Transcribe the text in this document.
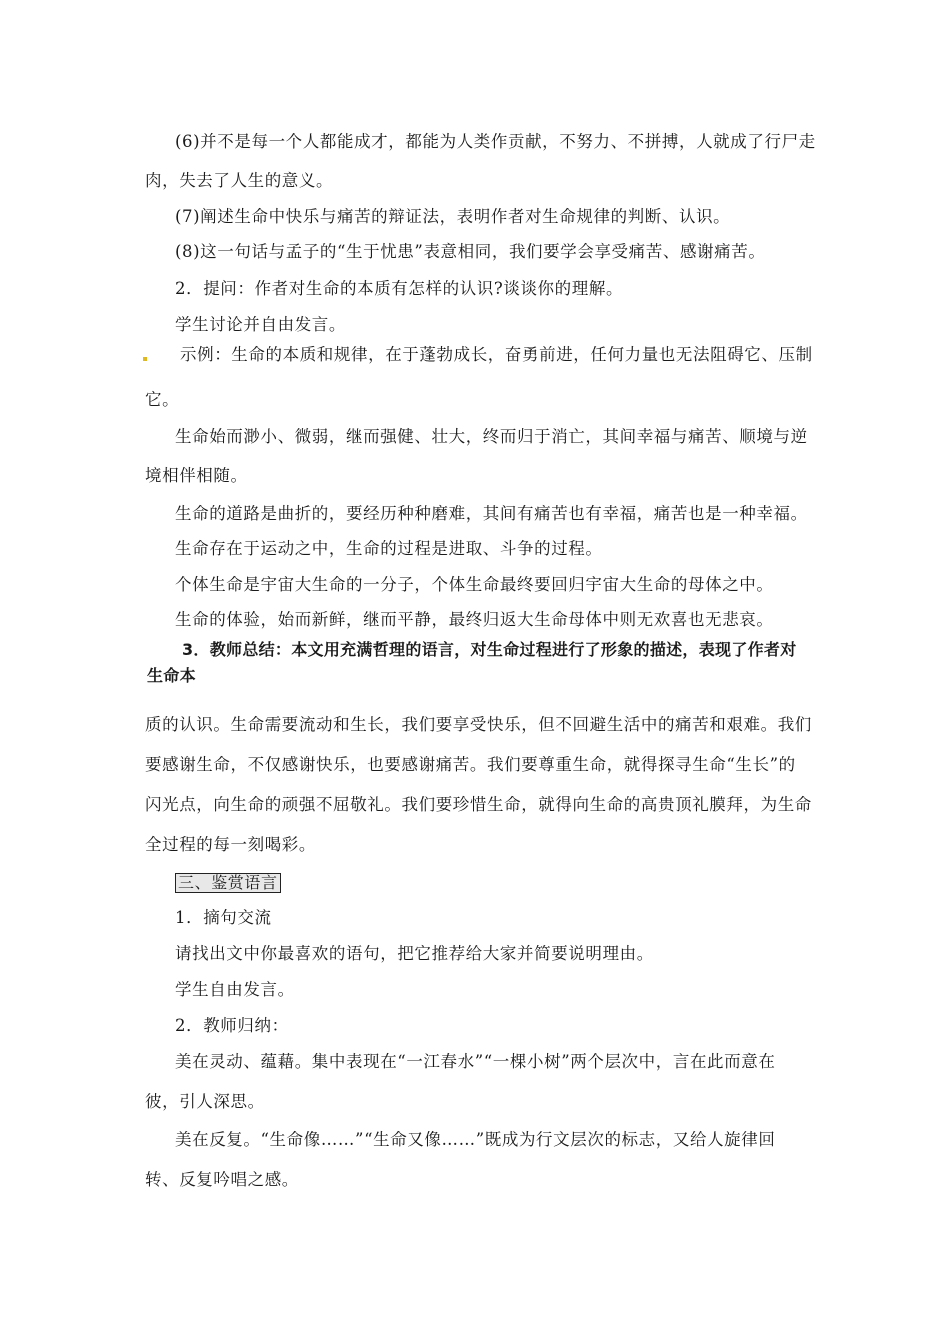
(6)并不是每一个人都能成才，都能为人类作贡献，不努力、不拼搏，人就成了行尸走
肉，失去了人生的意义。
(7)阐述生命中快乐与痛苦的辩证法，表明作者对生命规律的判断、认识。
(8)这一句话与孟子的“生于忧患”表意相同，我们要学会享受痛苦、感谢痛苦。
2．提问：作者对生命的本质有怎样的认识?谈谈你的理解。
学生讨论并自由发言。
示例：生命的本质和规律，在于蓬勃成长，奋勇前进，任何力量也无法阻碍它、压制
它。
生命始而渺小、微弱，继而强健、壮大，终而归于消亡，其间幸福与痛苦、顺境与逆
境相伴相随。
生命的道路是曲折的，要经历种种磨难，其间有痛苦也有幸福，痛苦也是一种幸福。
生命存在于运动之中，生命的过程是进取、斗争的过程。
个体生命是宇宙大生命的一分子，个体生命最终要回归宇宙大生命的母体之中。
生命的体验，始而新鲜，继而平静，最终归返大生命母体中则无欢喜也无悲哀。
3．教师总结：本文用充满哲理的语言，对生命过程进行了形象的描述，表现了作者对
生命本
质的认识。生命需要流动和生长，我们要享受快乐，但不回避生活中的痛苦和艰难。我们
要感谢生命，不仅感谢快乐，也要感谢痛苦。我们要尊重生命，就得探寻生命“生长”的
闪光点，向生命的顽强不屈敬礼。我们要珍惜生命，就得向生命的高贵顶礼膜拜，为生命
全过程的每一刻喝彩。
三、鉴赏语言
1．摘句交流
请找出文中你最喜欢的语句，把它推荐给大家并简要说明理由。
学生自由发言。
2．教师归纳：
美在灵动、蕴藉。集中表现在“一江春水”“一棵小树”两个层次中，言在此而意在
彼，引人深思。
美在反复。“生命像……”“生命又像……”既成为行文层次的标志，又给人旋律回
转、反复吟唱之感。
